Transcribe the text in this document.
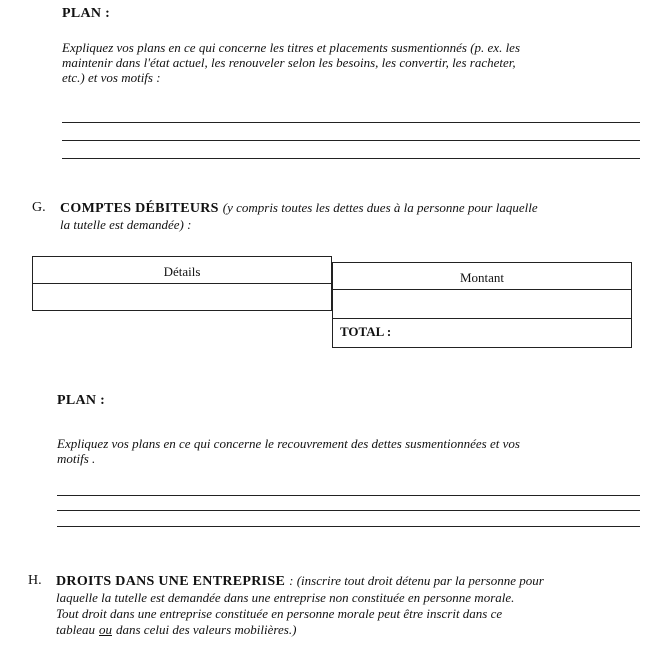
PLAN :
Expliquez vos plans en ce qui concerne les titres et placements susmentionnés (p. ex. les
maintenir dans l'état actuel, les renouveler selon les besoins, les convertir, les racheter,
etc.) et vos motifs :
G. COMPTES DÉBITEURS (y compris toutes les dettes dues à la personne pour laquelle
la tutelle est demandée) :
Détails	Montant
TOTAL :
PLAN :
Expliquez vos plans en ce qui concerne le recouvrement des dettes susmentionnées et vos
motifs .
H. DROITS DANS UNE ENTREPRISE : (inscrire tout droit détenu par la personne pour
laquelle la tutelle est demandée dans une entreprise non constituée en personne morale.
Tout droit dans une entreprise constituée en personne morale peut être inscrit dans ce
tableau ou dans celui des valeurs mobilières.)
